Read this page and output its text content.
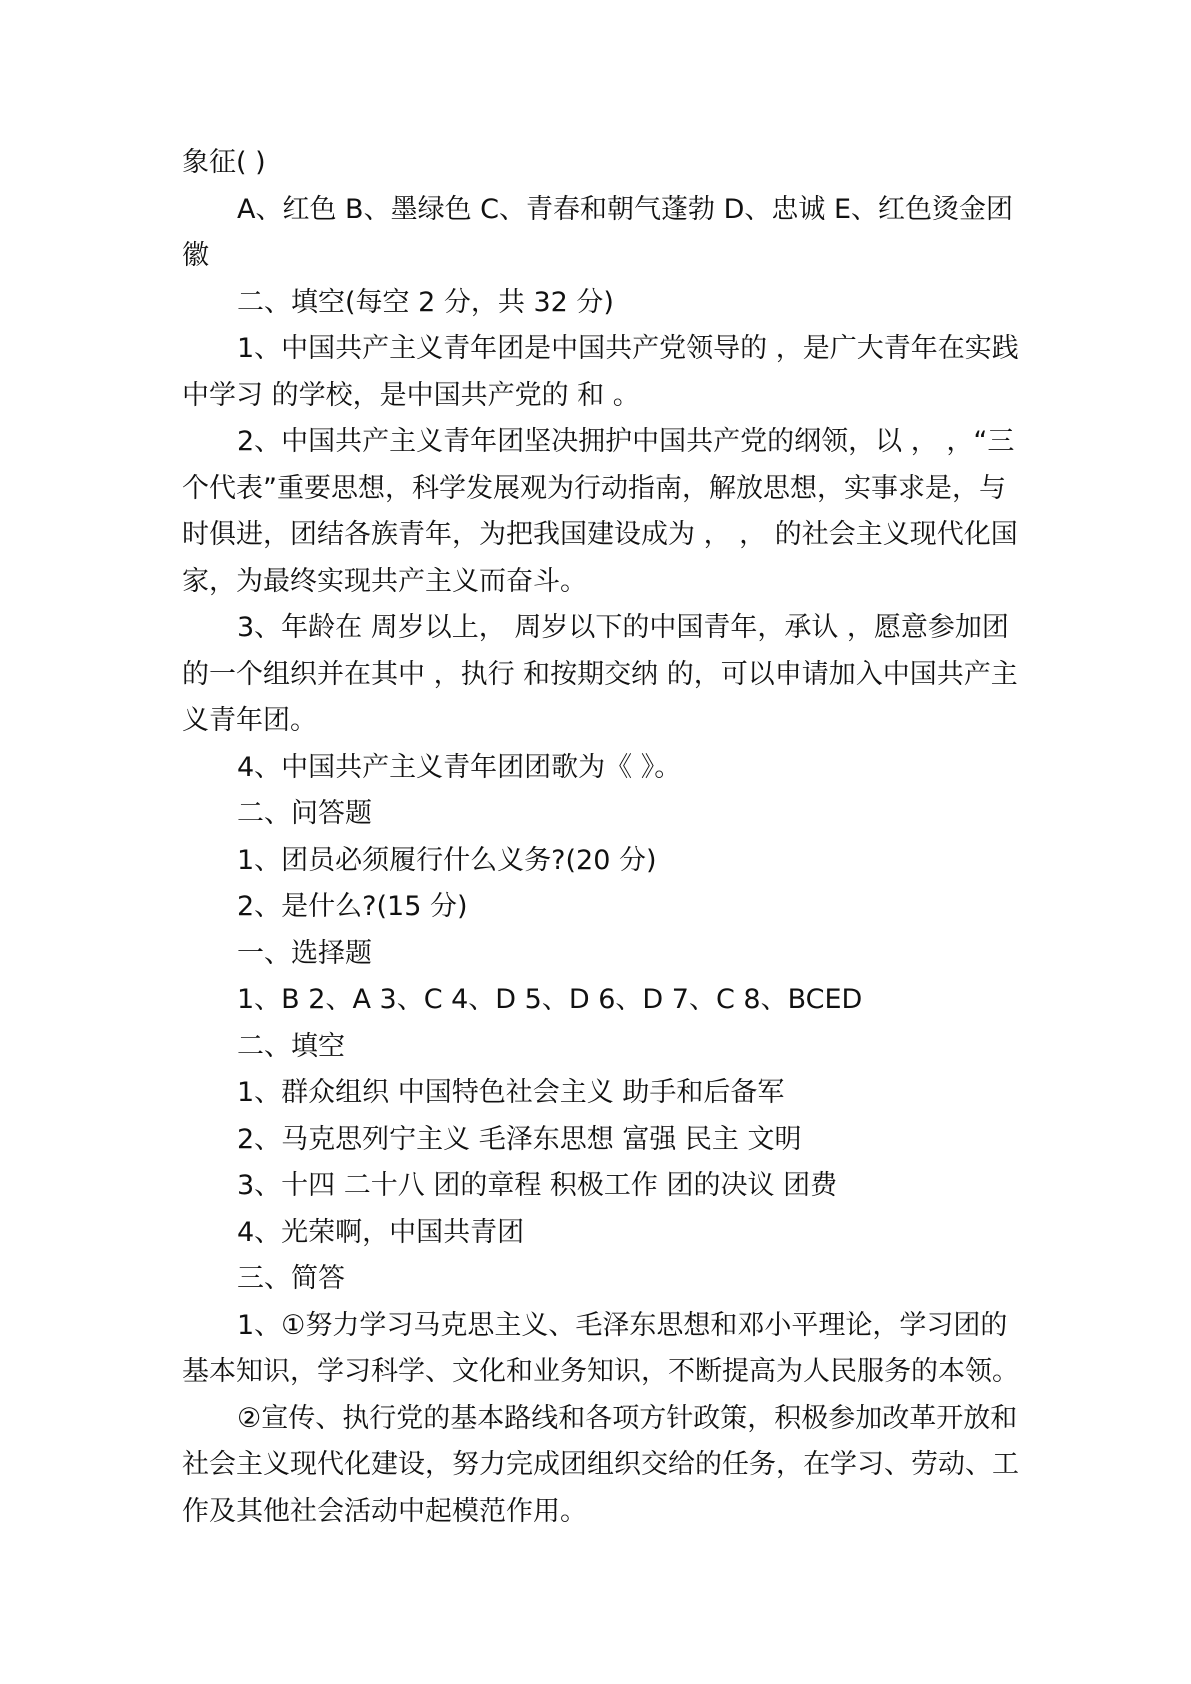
象征( )

A、红色 B、墨绿色 C、青春和朝气蓬勃 D、忠诚 E、红色烫金团徽

二、填空(每空 2 分，共 32 分)

1、中国共产主义青年团是中国共产党领导的 ，是广大青年在实践中学习 的学校，是中国共产党的 和 。

2、中国共产主义青年团坚决拥护中国共产党的纲领，以 ， ，“三个代表”重要思想，科学发展观为行动指南，解放思想，实事求是，与时俱进，团结各族青年，为把我国建设成为 ， ， 的社会主义现代化国家，为最终实现共产主义而奋斗。

3、年龄在 周岁以上， 周岁以下的中国青年，承认 ，愿意参加团的一个组织并在其中 ，执行 和按期交纳 的，可以申请加入中国共产主义青年团。

4、中国共产主义青年团团歌为《 》。

二、问答题

1、团员必须履行什么义务?(20 分)

2、是什么?(15 分)

一、选择题

1、B 2、A 3、C 4、D 5、D 6、D 7、C 8、BCED

二、填空

1、群众组织 中国特色社会主义 助手和后备军

2、马克思列宁主义 毛泽东思想 富强 民主 文明

3、十四 二十八 团的章程 积极工作 团的决议 团费

4、光荣啊，中国共青团

三、简答

1、①努力学习马克思主义、毛泽东思想和邓小平理论，学习团的基本知识，学习科学、文化和业务知识，不断提高为人民服务的本领。

②宣传、执行党的基本路线和各项方针政策，积极参加改革开放和社会主义现代化建设，努力完成团组织交给的任务，在学习、劳动、工作及其他社会活动中起模范作用。
